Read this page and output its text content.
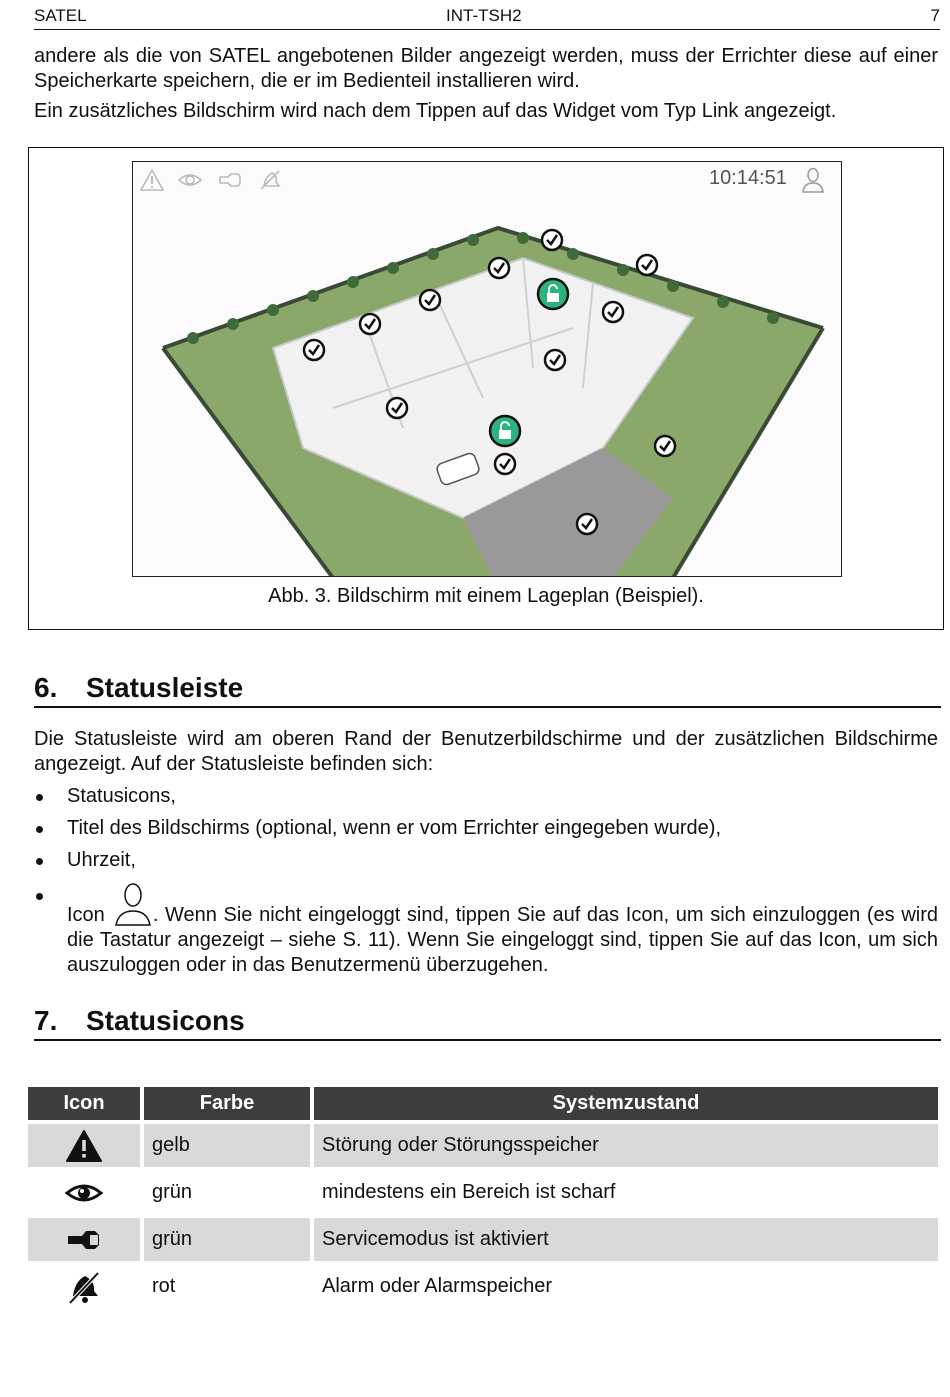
SATEL	INT-TSH2	7

andere als die von SATEL angebotenen Bilder angezeigt werden, muss der Errichter diese auf einer Speicherkarte speichern, die er im Bedienteil installieren wird.

Ein zusätzliches Bildschirm wird nach dem Tippen auf das Widget vom Typ Link angezeigt.

10:14:51
Abb. 3. Bildschirm mit einem Lageplan (Beispiel).
6. Statusleiste

Die Statusleiste wird am oberen Rand der Benutzerbildschirme und der zusätzlichen Bildschirme angezeigt. Auf der Statusleiste befinden sich:

Statusicons,
Titel des Bildschirms (optional, wenn er vom Errichter eingegeben wurde),
Uhrzeit,
Icon . Wenn Sie nicht eingeloggt sind, tippen Sie auf das Icon, um sich einzuloggen (es wird die Tastatur angezeigt – siehe S. 11). Wenn Sie eingeloggt sind, tippen Sie auf das Icon, um sich auszuloggen oder in das Benutzermenü überzugehen.
7. Statusicons
Icon	Farbe	Systemzustand

	gelb	Störung oder Störungsspeicher

	grün	mindestens ein Bereich ist scharf

	grün	Servicemodus ist aktiviert

	rot	Alarm oder Alarmspeicher
